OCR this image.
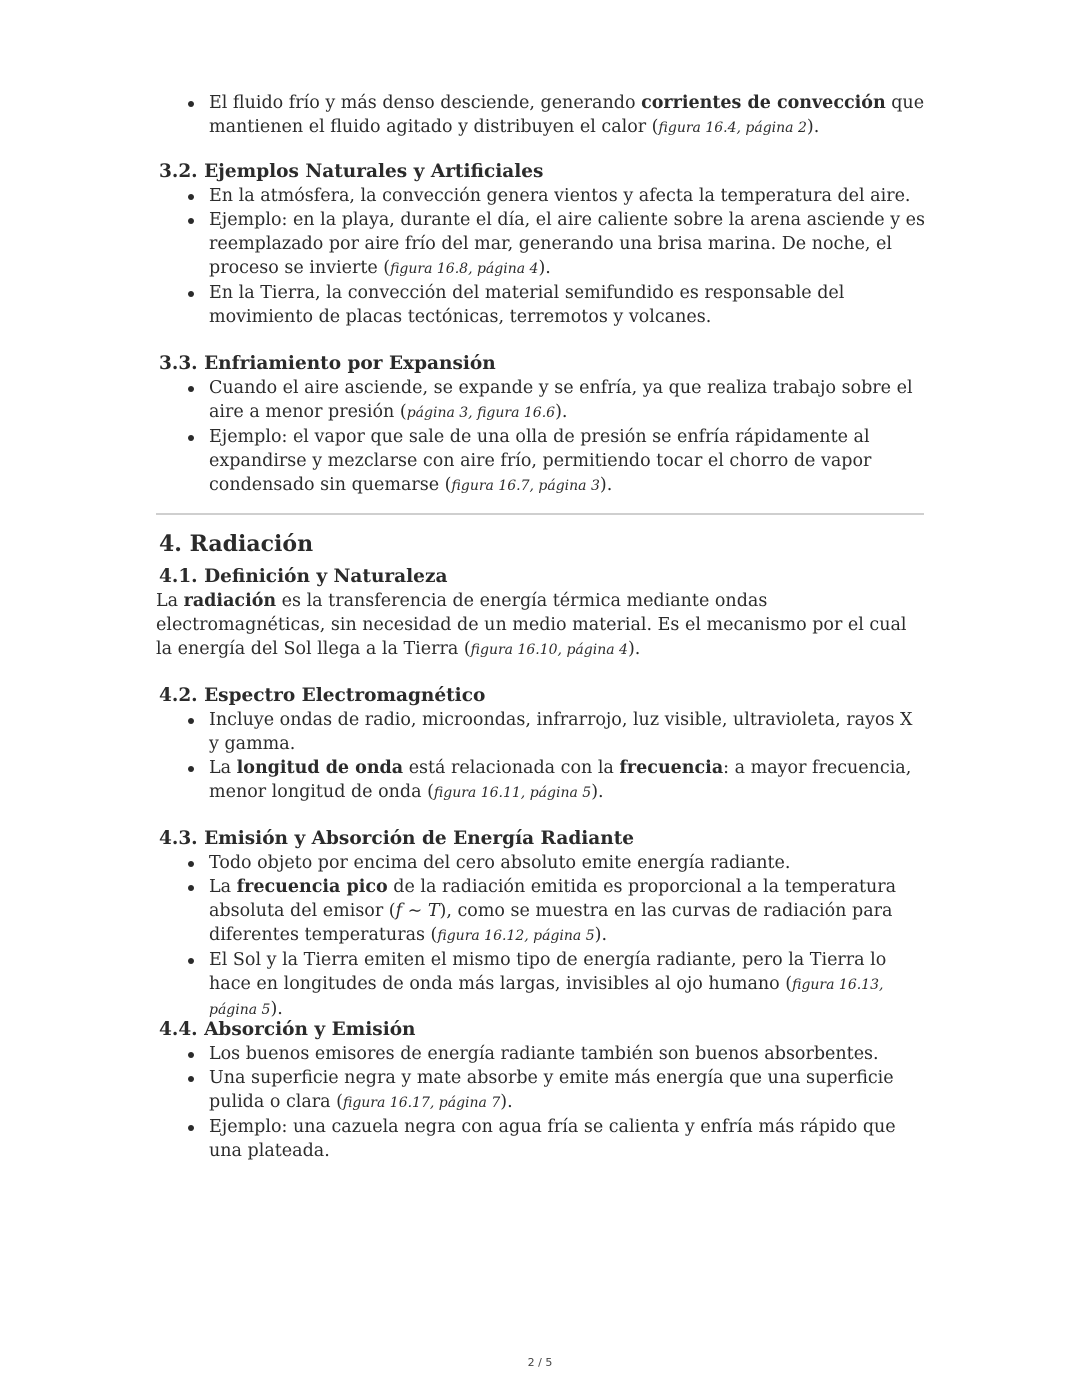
El fluido frío y más denso desciende, generando corrientes de convección que mantienen el fluido agitado y distribuyen el calor (figura 16.4, página 2).
3.2. Ejemplos Naturales y Artificiales
En la atmósfera, la convección genera vientos y afecta la temperatura del aire.
Ejemplo: en la playa, durante el día, el aire caliente sobre la arena asciende y es reemplazado por aire frío del mar, generando una brisa marina. De noche, el proceso se invierte (figura 16.8, página 4).
En la Tierra, la convección del material semifundido es responsable del movimiento de placas tectónicas, terremotos y volcanes.
3.3. Enfriamiento por Expansión
Cuando el aire asciende, se expande y se enfría, ya que realiza trabajo sobre el aire a menor presión (página 3, figura 16.6).
Ejemplo: el vapor que sale de una olla de presión se enfría rápidamente al expandirse y mezclarse con aire frío, permitiendo tocar el chorro de vapor condensado sin quemarse (figura 16.7, página 3).
4. Radiación
4.1. Definición y Naturaleza

La radiación es la transferencia de energía térmica mediante ondas electromagnéticas, sin necesidad de un medio material. Es el mecanismo por el cual la energía del Sol llega a la Tierra (figura 16.10, página 4).

4.2. Espectro Electromagnético
Incluye ondas de radio, microondas, infrarrojo, luz visible, ultravioleta, rayos X y gamma.
La longitud de onda está relacionada con la frecuencia: a mayor frecuencia, menor longitud de onda (figura 16.11, página 5).
4.3. Emisión y Absorción de Energía Radiante
Todo objeto por encima del cero absoluto emite energía radiante.
La frecuencia pico de la radiación emitida es proporcional a la temperatura absoluta del emisor (f ∼ T), como se muestra en las curvas de radiación para diferentes temperaturas (figura 16.12, página 5).
El Sol y la Tierra emiten el mismo tipo de energía radiante, pero la Tierra lo hace en longitudes de onda más largas, invisibles al ojo humano (figura 16.13, página 5).
4.4. Absorción y Emisión
Los buenos emisores de energía radiante también son buenos absorbentes.
Una superficie negra y mate absorbe y emite más energía que una superficie pulida o clara (figura 16.17, página 7).
Ejemplo: una cazuela negra con agua fría se calienta y enfría más rápido que una plateada.
2 / 5
